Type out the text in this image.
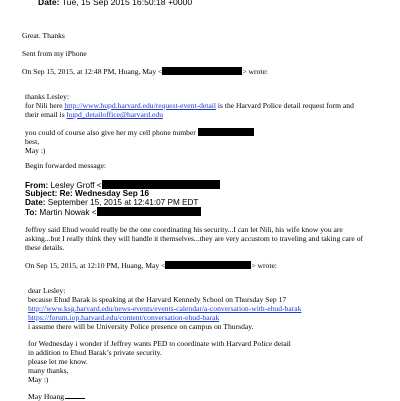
Date: Tue, 15 Sep 2015 16:50:18 +0000
Great. Thanks
Sent from my iPhone
On Sep 15, 2015, at 12:48 PM, Huang, May <	> wrote:
thanks Lesley:
for Nili here http://www.hupd.harvard.edu/request-event-detail is the Harvard Police detail request form and
their email is hupd_detailoffice@harvard.edu
you could of course also give her my cell phone number
best,
May :)
Begin forwarded message:
From: Lesley Groff <
Subject: Re: Wednesday Sep 16
Date: September 15, 2015 at 12:41:07 PM EDT
To: Martin Nowak <
Jeffrey said Ehud would really be the one coordinating his security...I can let Nili, his wife know you are
asking...but I really think they will handle it themselves...they are very accustom to traveling and taking care of
these details.
On Sep 15, 2015, at 12:10 PM, Huang, May <	> wrote:
dear Lesley:
because Ehud Barak is speaking at the Harvard Kennedy School on Thursday Sep 17
http://www.ksg.harvard.edu/news-events/events-calendar/a-conversation-with-ehud-barak
https://forum.iop.harvard.edu/content/conversation-ehud-barak
i assume there will be University Police presence on campus on Thursday.
for Wednesday i wonder if Jeffrey wants PED to coordinate with Harvard Police detail
in addition to Ehud Barak’s private security.
please let me know.
many thanks,
May :)
May Huang
